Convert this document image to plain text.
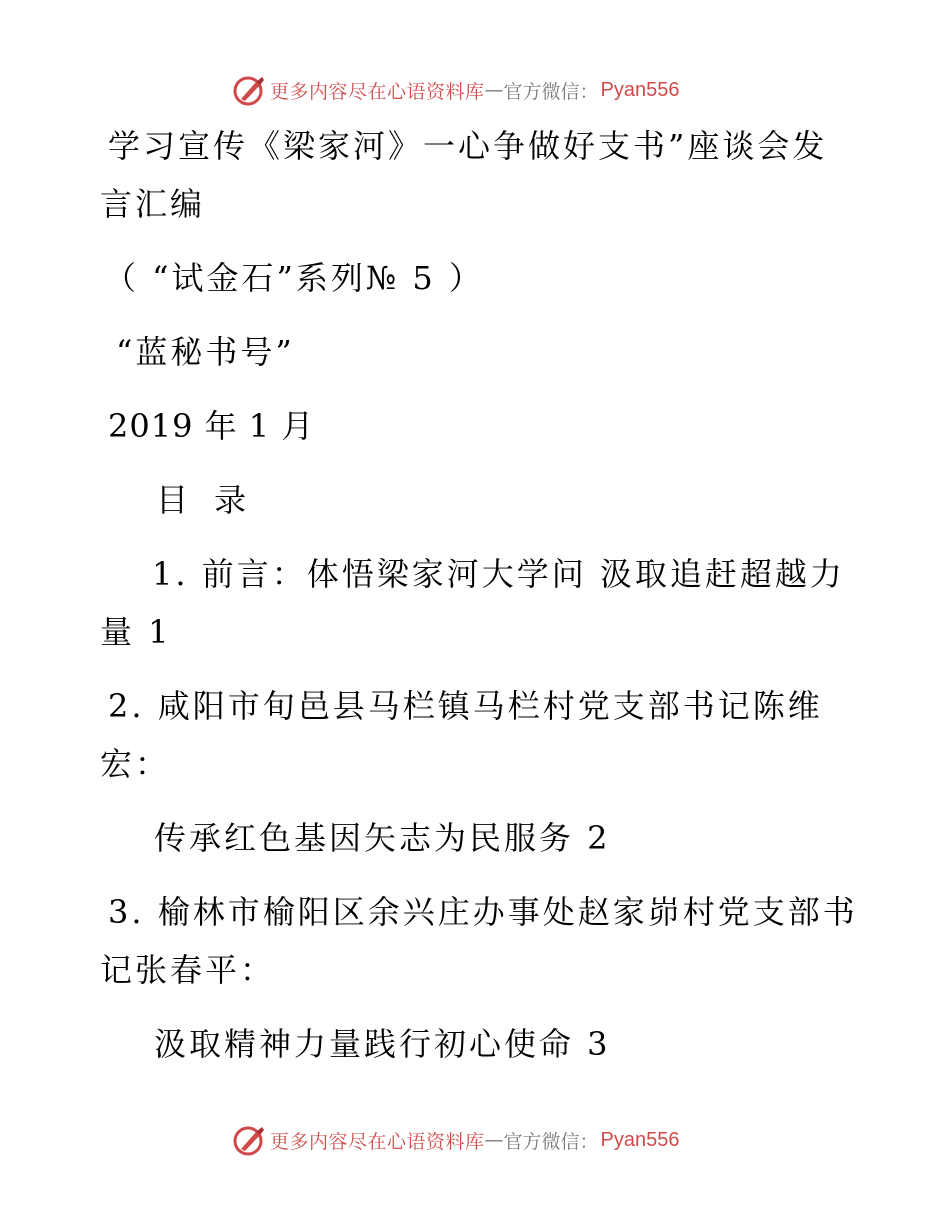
更多内容尽在心语资料库 — 官方微信： Pyan556
学习宣传《梁家河》一心争做好支书”座谈会发
言汇编
（ “试金石”系列№ 5 ）
“蓝秘书号”
2019 年 1 月
目 录
1. 前言：体悟梁家河大学问 汲取追赶超越力
量 1
2. 咸阳市旬邑县马栏镇马栏村党支部书记陈维
宏：
传承红色基因矢志为民服务 2
3. 榆林市榆阳区余兴庄办事处赵家峁村党支部书
记张春平：
汲取精神力量践行初心使命 3
更多内容尽在心语资料库 — 官方微信： Pyan556
